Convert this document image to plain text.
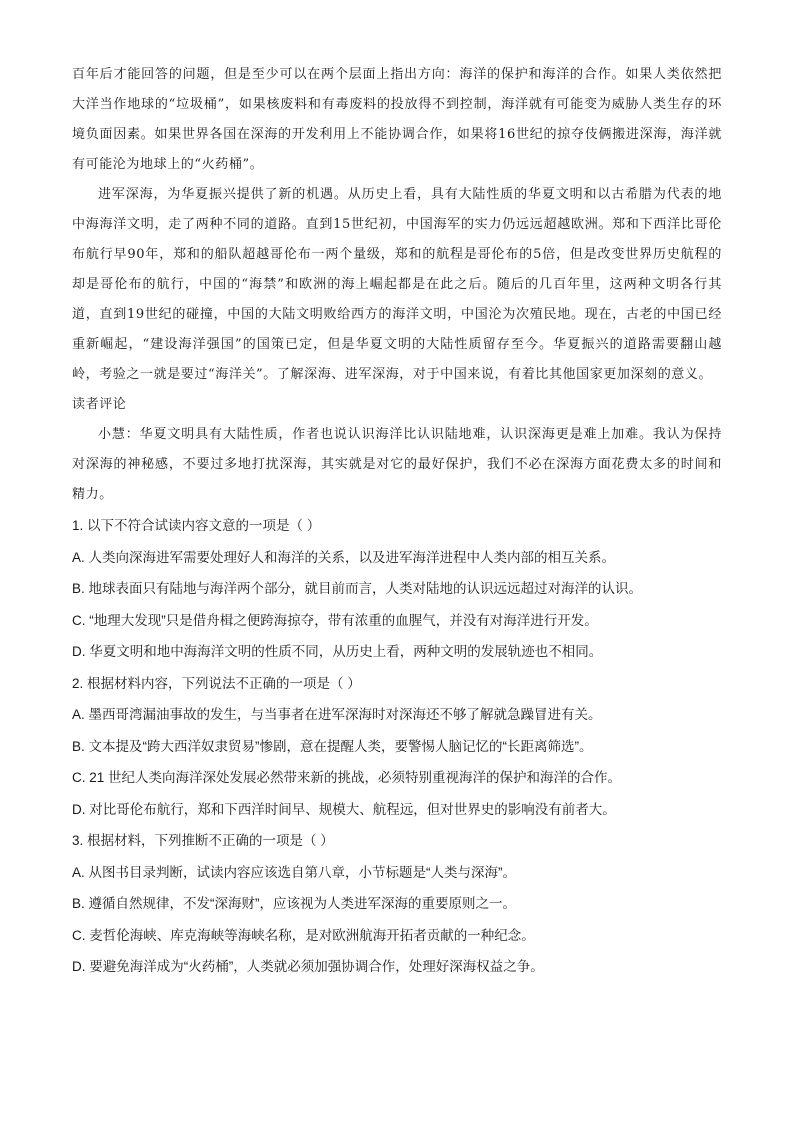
百年后才能回答的问题，但是至少可以在两个层面上指出方向：海洋的保护和海洋的合作。如果人类依然把大洋当作地球的“垃圾桶”，如果核废料和有毒废料的投放得不到控制，海洋就有可能变为威胁人类生存的环境负面因素。如果世界各国在深海的开发利用上不能协调合作，如果将16世纪的掠夺伎俩搬进深海，海洋就有可能沦为地球上的“火药桶”。

进军深海，为华夏振兴提供了新的机遇。从历史上看，具有大陆性质的华夏文明和以古希腊为代表的地中海海洋文明，走了两种不同的道路。直到15世纪初，中国海军的实力仍远远超越欧洲。郑和下西洋比哥伦布航行早90年，郑和的船队超越哥伦布一两个量级，郑和的航程是哥伦布的5倍，但是改变世界历史航程的却是哥伦布的航行，中国的“海禁”和欧洲的海上崛起都是在此之后。随后的几百年里，这两种文明各行其道，直到19世纪的碰撞，中国的大陆文明败给西方的海洋文明，中国沦为次殖民地。现在，古老的中国已经重新崛起，“建设海洋强国”的国策已定，但是华夏文明的大陆性质留存至今。华夏振兴的道路需要翻山越岭，考验之一就是要过“海洋关”。了解深海、进军深海，对于中国来说，有着比其他国家更加深刻的意义。

读者评论

小慧：华夏文明具有大陆性质，作者也说认识海洋比认识陆地难，认识深海更是难上加难。我认为保持对深海的神秘感，不要过多地打扰深海，其实就是对它的最好保护，我们不必在深海方面花费太多的时间和精力。

1. 以下不符合试读内容文意的一项是（ ）

A. 人类向深海进军需要处理好人和海洋的关系，以及进军海洋进程中人类内部的相互关系。

B. 地球表面只有陆地与海洋两个部分，就目前而言，人类对陆地的认识远远超过对海洋的认识。

C. “地理大发现”只是借舟楫之便跨海掠夺，带有浓重的血腥气，并没有对海洋进行开发。

D. 华夏文明和地中海海洋文明的性质不同，从历史上看，两种文明的发展轨迹也不相同。

2. 根据材料内容，下列说法不正确的一项是（ ）

A. 墨西哥湾漏油事故的发生，与当事者在进军深海时对深海还不够了解就急躁冒进有关。

B. 文本提及“跨大西洋奴隶贸易”惨剧，意在提醒人类，要警惕人脑记忆的“长距离筛选”。

C. 21 世纪人类向海洋深处发展必然带来新的挑战，必须特别重视海洋的保护和海洋的合作。

D. 对比哥伦布航行，郑和下西洋时间早、规模大、航程远，但对世界史的影响没有前者大。

3. 根据材料，下列推断不正确的一项是（ ）

A. 从图书目录判断，试读内容应该选自第八章，小节标题是“人类与深海”。

B. 遵循自然规律，不发“深海财”，应该视为人类进军深海的重要原则之一。

C. 麦哲伦海峡、库克海峡等海峡名称，是对欧洲航海开拓者贡献的一种纪念。

D. 要避免海洋成为“火药桶”，人类就必须加强协调合作，处理好深海权益之争。
